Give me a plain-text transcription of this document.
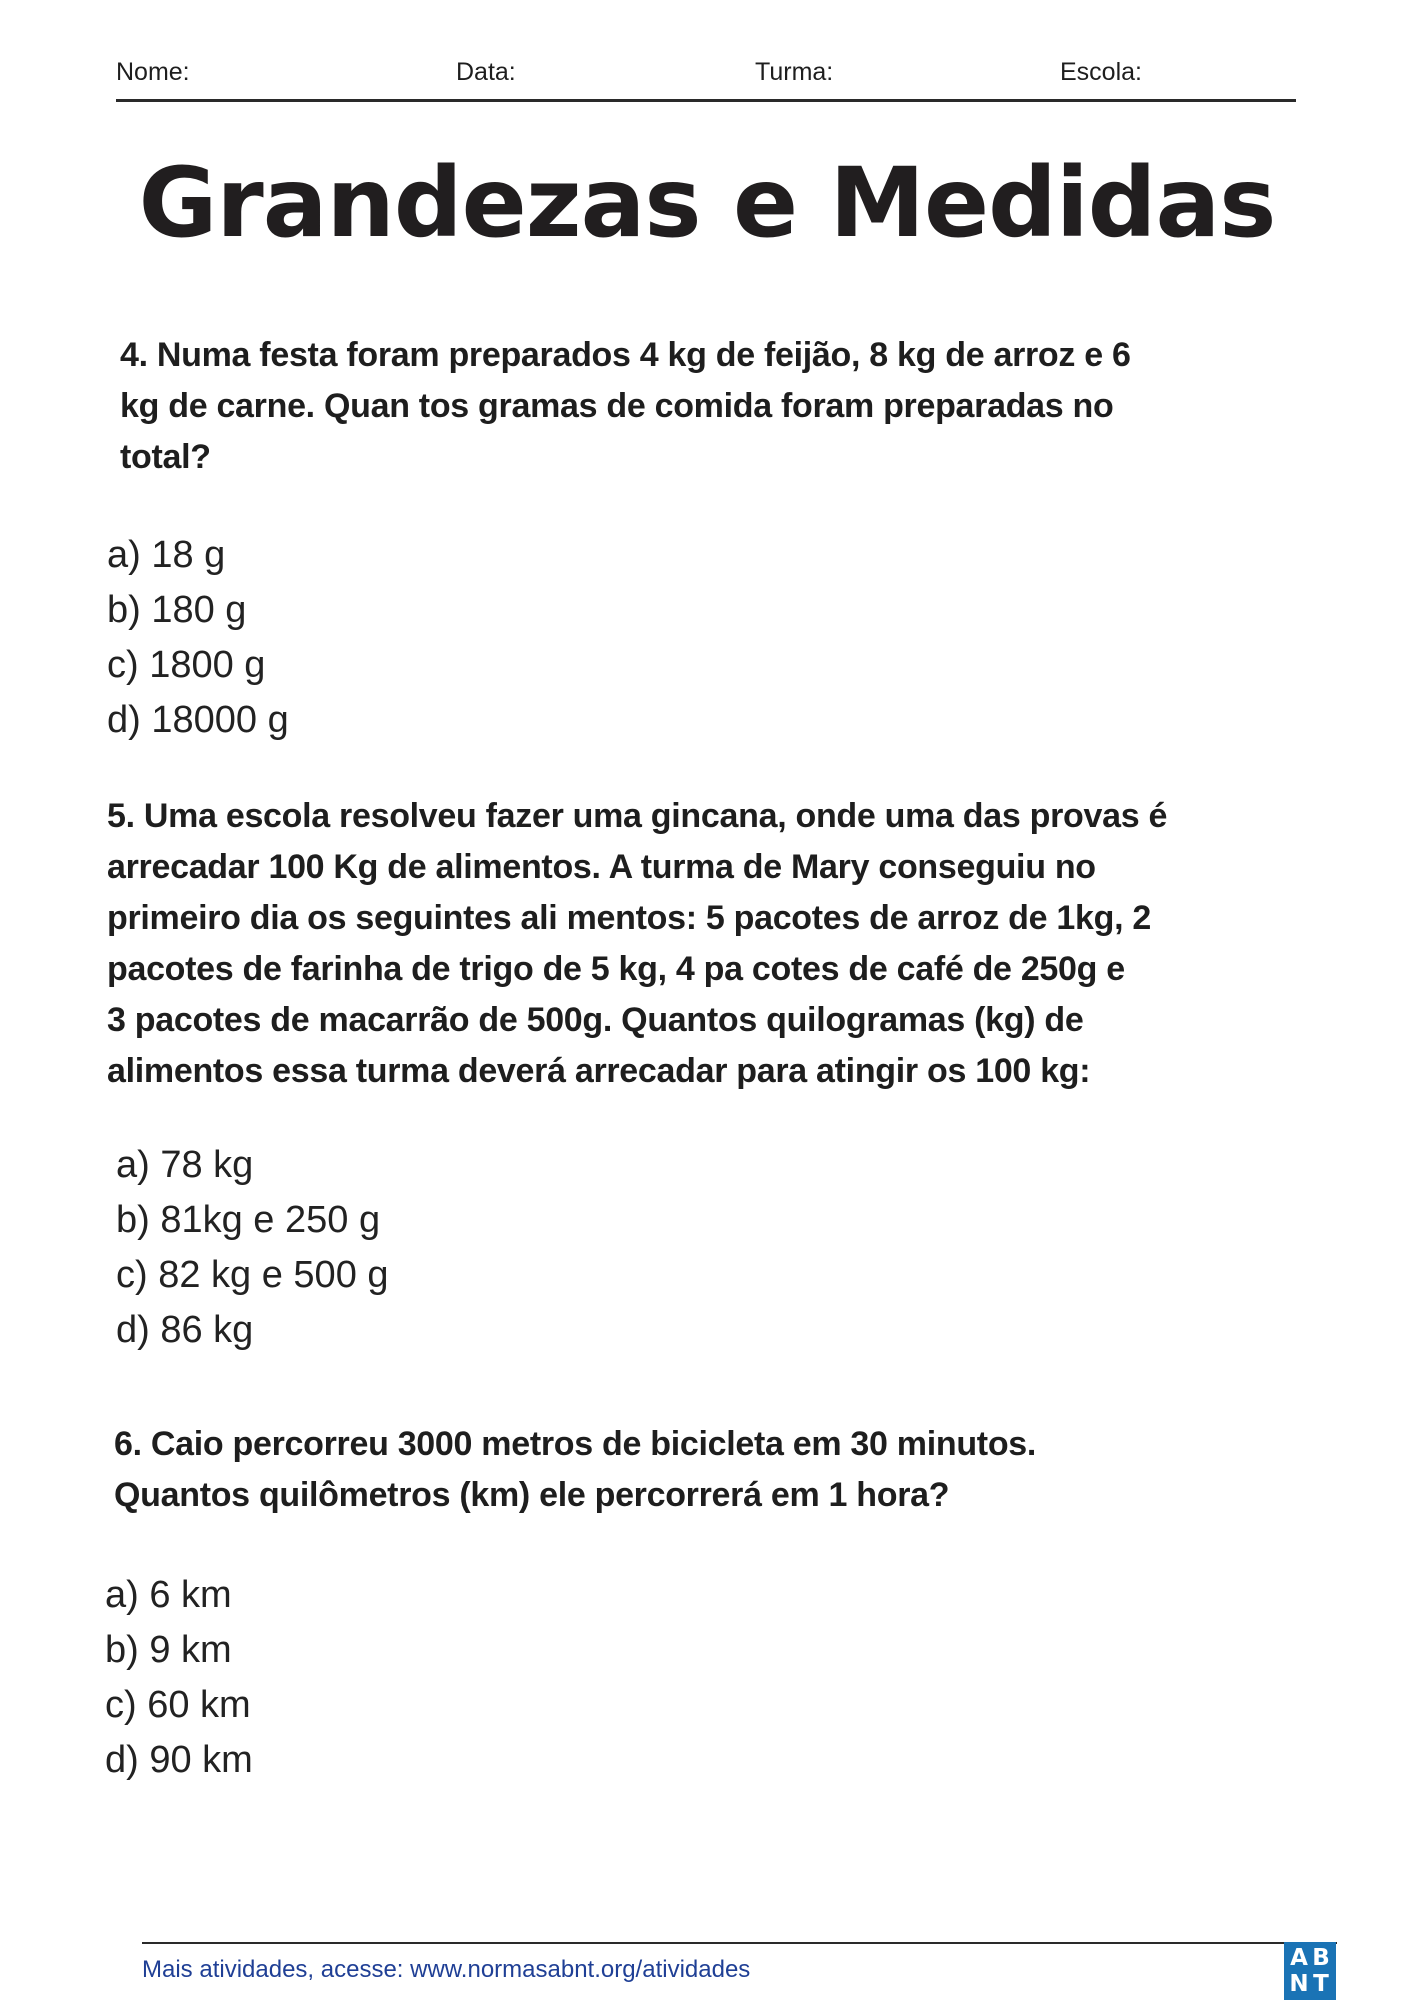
Nome:	Data:	Turma:	Escola:
Grandezas e Medidas
4. Numa festa foram preparados 4 kg de feijão, 8 kg de arroz e 6
kg de carne. Quan tos gramas de comida foram preparadas no
total?
a) 18 g
b) 180 g
c) 1800 g
d) 18000 g
5. Uma escola resolveu fazer uma gincana, onde uma das provas é
arrecadar 100 Kg de alimentos. A turma de Mary conseguiu no
primeiro dia os seguintes ali mentos: 5 pacotes de arroz de 1kg, 2
pacotes de farinha de trigo de 5 kg, 4 pa cotes de café de 250g e
3 pacotes de macarrão de 500g. Quantos quilogramas (kg) de
alimentos essa turma deverá arrecadar para atingir os 100 kg:
a) 78 kg
b) 81kg e 250 g
c) 82 kg e 500 g
d) 86 kg
6. Caio percorreu 3000 metros de bicicleta em 30 minutos.
Quantos quilômetros (km) ele percorrerá em 1 hora?
a) 6 km
b) 9 km
c) 60 km
d) 90 km
Mais atividades, acesse: www.normasabnt.org/atividades	A B
N T
